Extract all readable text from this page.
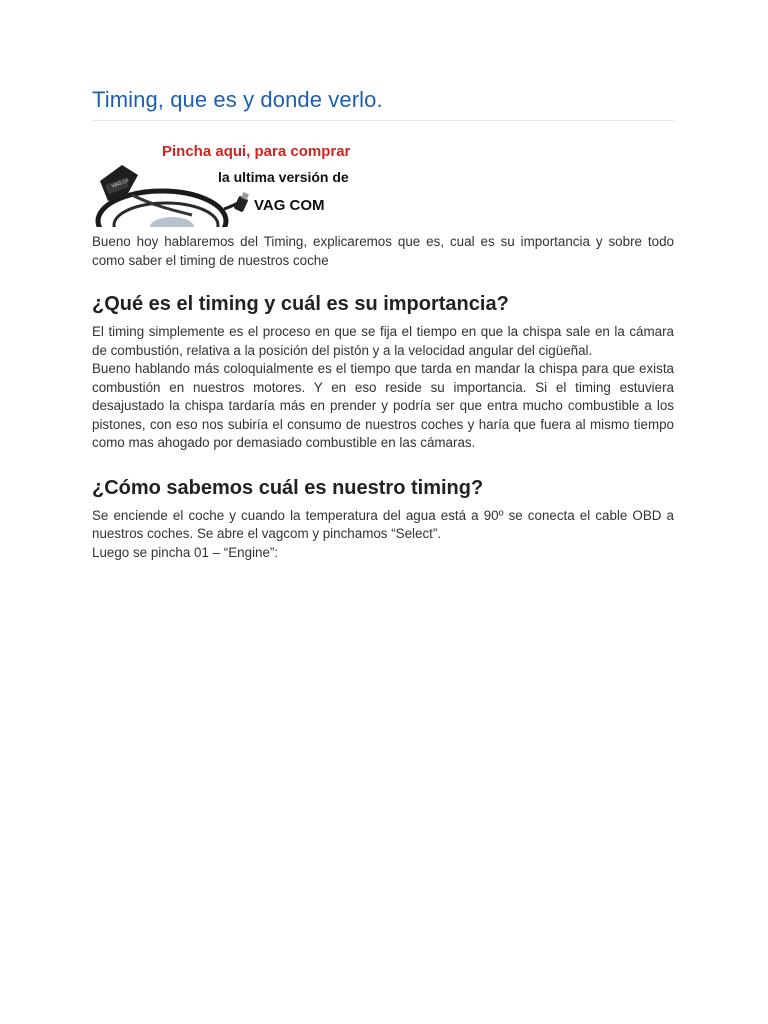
Timing, que es y donde verlo.
VAG CF
Pincha aqui, para comprar
la ultima versión de
VAG COM

Bueno hoy hablaremos del Timing, explicaremos que es, cual es su importancia y sobre todo como saber el timing de nuestros coche

¿Qué es el timing y cuál es su importancia?

El timing simplemente es el proceso en que se fija el tiempo en que la chispa sale en la cámara de combustión, relativa a la posición del pistón y a la velocidad angular del cigüeñal.

Bueno hablando más coloquialmente es el tiempo que tarda en mandar la chispa para que exista combustión en nuestros motores. Y en eso reside su importancia. Si el timing estuviera desajustado la chispa tardaría más en prender y podría ser que entra mucho combustible a los pistones, con eso nos subiría el consumo de nuestros coches y haría que fuera al mismo tiempo como mas ahogado por demasiado combustible en las cámaras.

¿Cómo sabemos cuál es nuestro timing?

Se enciende el coche y cuando la temperatura del agua está a 90º se conecta el cable OBD a nuestros coches. Se abre el vagcom y pinchamos “Select”.

Luego se pincha 01 – “Engine”:
